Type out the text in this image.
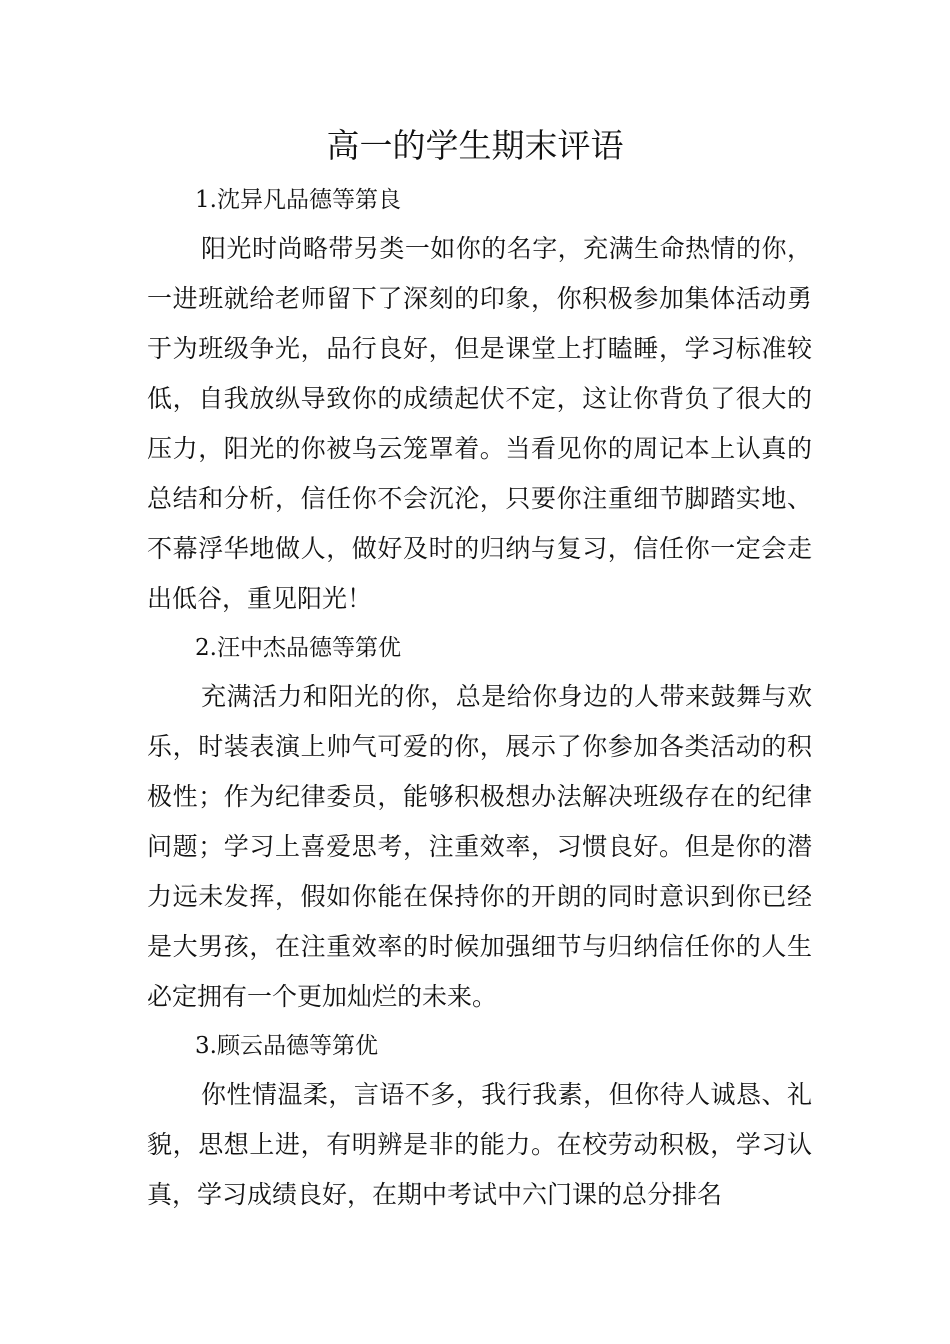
高一的学生期末评语

1.沈异凡品德等第良

阳光时尚略带另类一如你的名字，充满生命热情的你，一进班就给老师留下了深刻的印象，你积极参加集体活动勇于为班级争光，品行良好，但是课堂上打瞌睡，学习标准较低，自我放纵导致你的成绩起伏不定，这让你背负了很大的压力，阳光的你被乌云笼罩着。当看见你的周记本上认真的总结和分析，信任你不会沉沦，只要你注重细节脚踏实地、不幕浮华地做人，做好及时的归纳与复习，信任你一定会走出低谷，重见阳光！

2.汪中杰品德等第优

充满活力和阳光的你，总是给你身边的人带来鼓舞与欢乐，时装表演上帅气可爱的你，展示了你参加各类活动的积极性；作为纪律委员，能够积极想办法解决班级存在的纪律问题；学习上喜爱思考，注重效率，习惯良好。但是你的潜力远未发挥，假如你能在保持你的开朗的同时意识到你已经是大男孩，在注重效率的时候加强细节与归纳信任你的人生必定拥有一个更加灿烂的未来。

3.顾云品德等第优

你性情温柔，言语不多，我行我素，但你待人诚恳、礼貌，思想上进，有明辨是非的能力。在校劳动积极，学习认真，学习成绩良好，在期中考试中六门课的总分排名
